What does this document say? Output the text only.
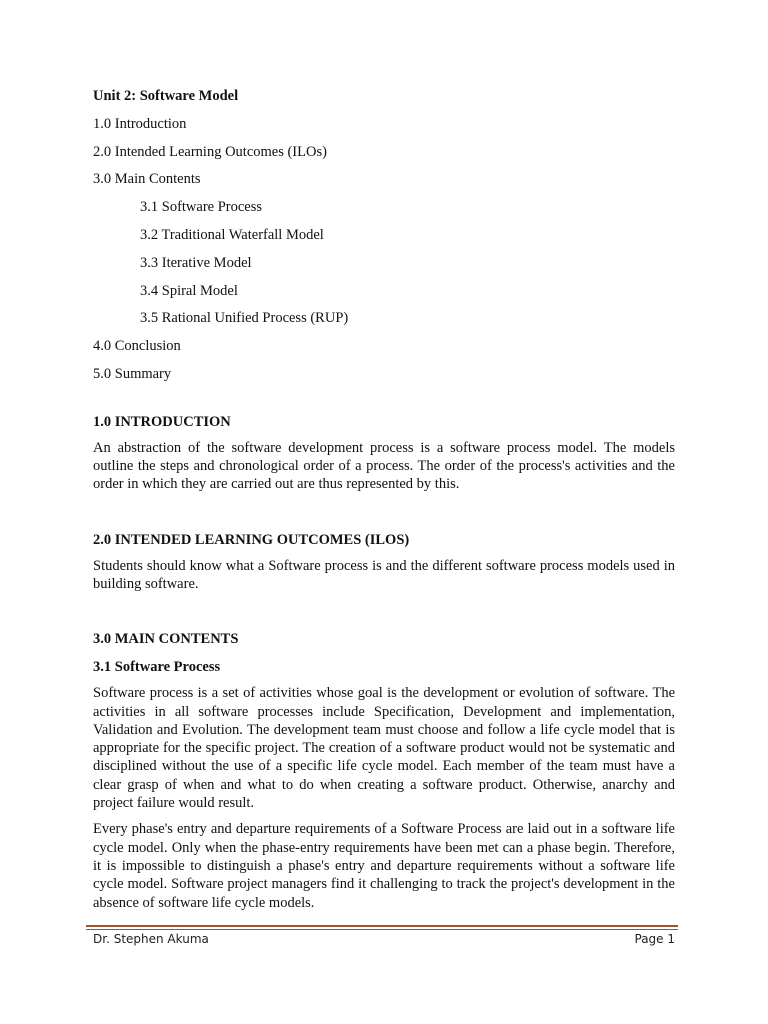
Unit 2: Software Model
1.0 Introduction
2.0 Intended Learning Outcomes (ILOs)
3.0 Main Contents
3.1 Software Process
3.2 Traditional Waterfall Model
3.3 Iterative Model
3.4 Spiral Model
3.5 Rational Unified Process (RUP)
4.0 Conclusion
5.0 Summary
1.0 INTRODUCTION

An abstraction of the software development process is a software process model. The models outline the steps and chronological order of a process. The order of the process's activities and the order in which they are carried out are thus represented by this.

2.0 INTENDED LEARNING OUTCOMES (ILOS)

Students should know what a Software process is and the different software process models used in building software.

3.0 MAIN CONTENTS
3.1 Software Process

Software process is a set of activities whose goal is the development or evolution of software. The activities in all software processes include Specification, Development and implementation, Validation and Evolution. The development team must choose and follow a life cycle model that is appropriate for the specific project. The creation of a software product would not be systematic and disciplined without the use of a specific life cycle model. Each member of the team must have a clear grasp of when and what to do when creating a software product. Otherwise, anarchy and project failure would result.

Every phase's entry and departure requirements of a Software Process are laid out in a software life cycle model. Only when the phase-entry requirements have been met can a phase begin. Therefore, it is impossible to distinguish a phase's entry and departure requirements without a software life cycle model. Software project managers find it challenging to track the project's development in the absence of software life cycle models.

Dr. Stephen Akuma	Page 1
